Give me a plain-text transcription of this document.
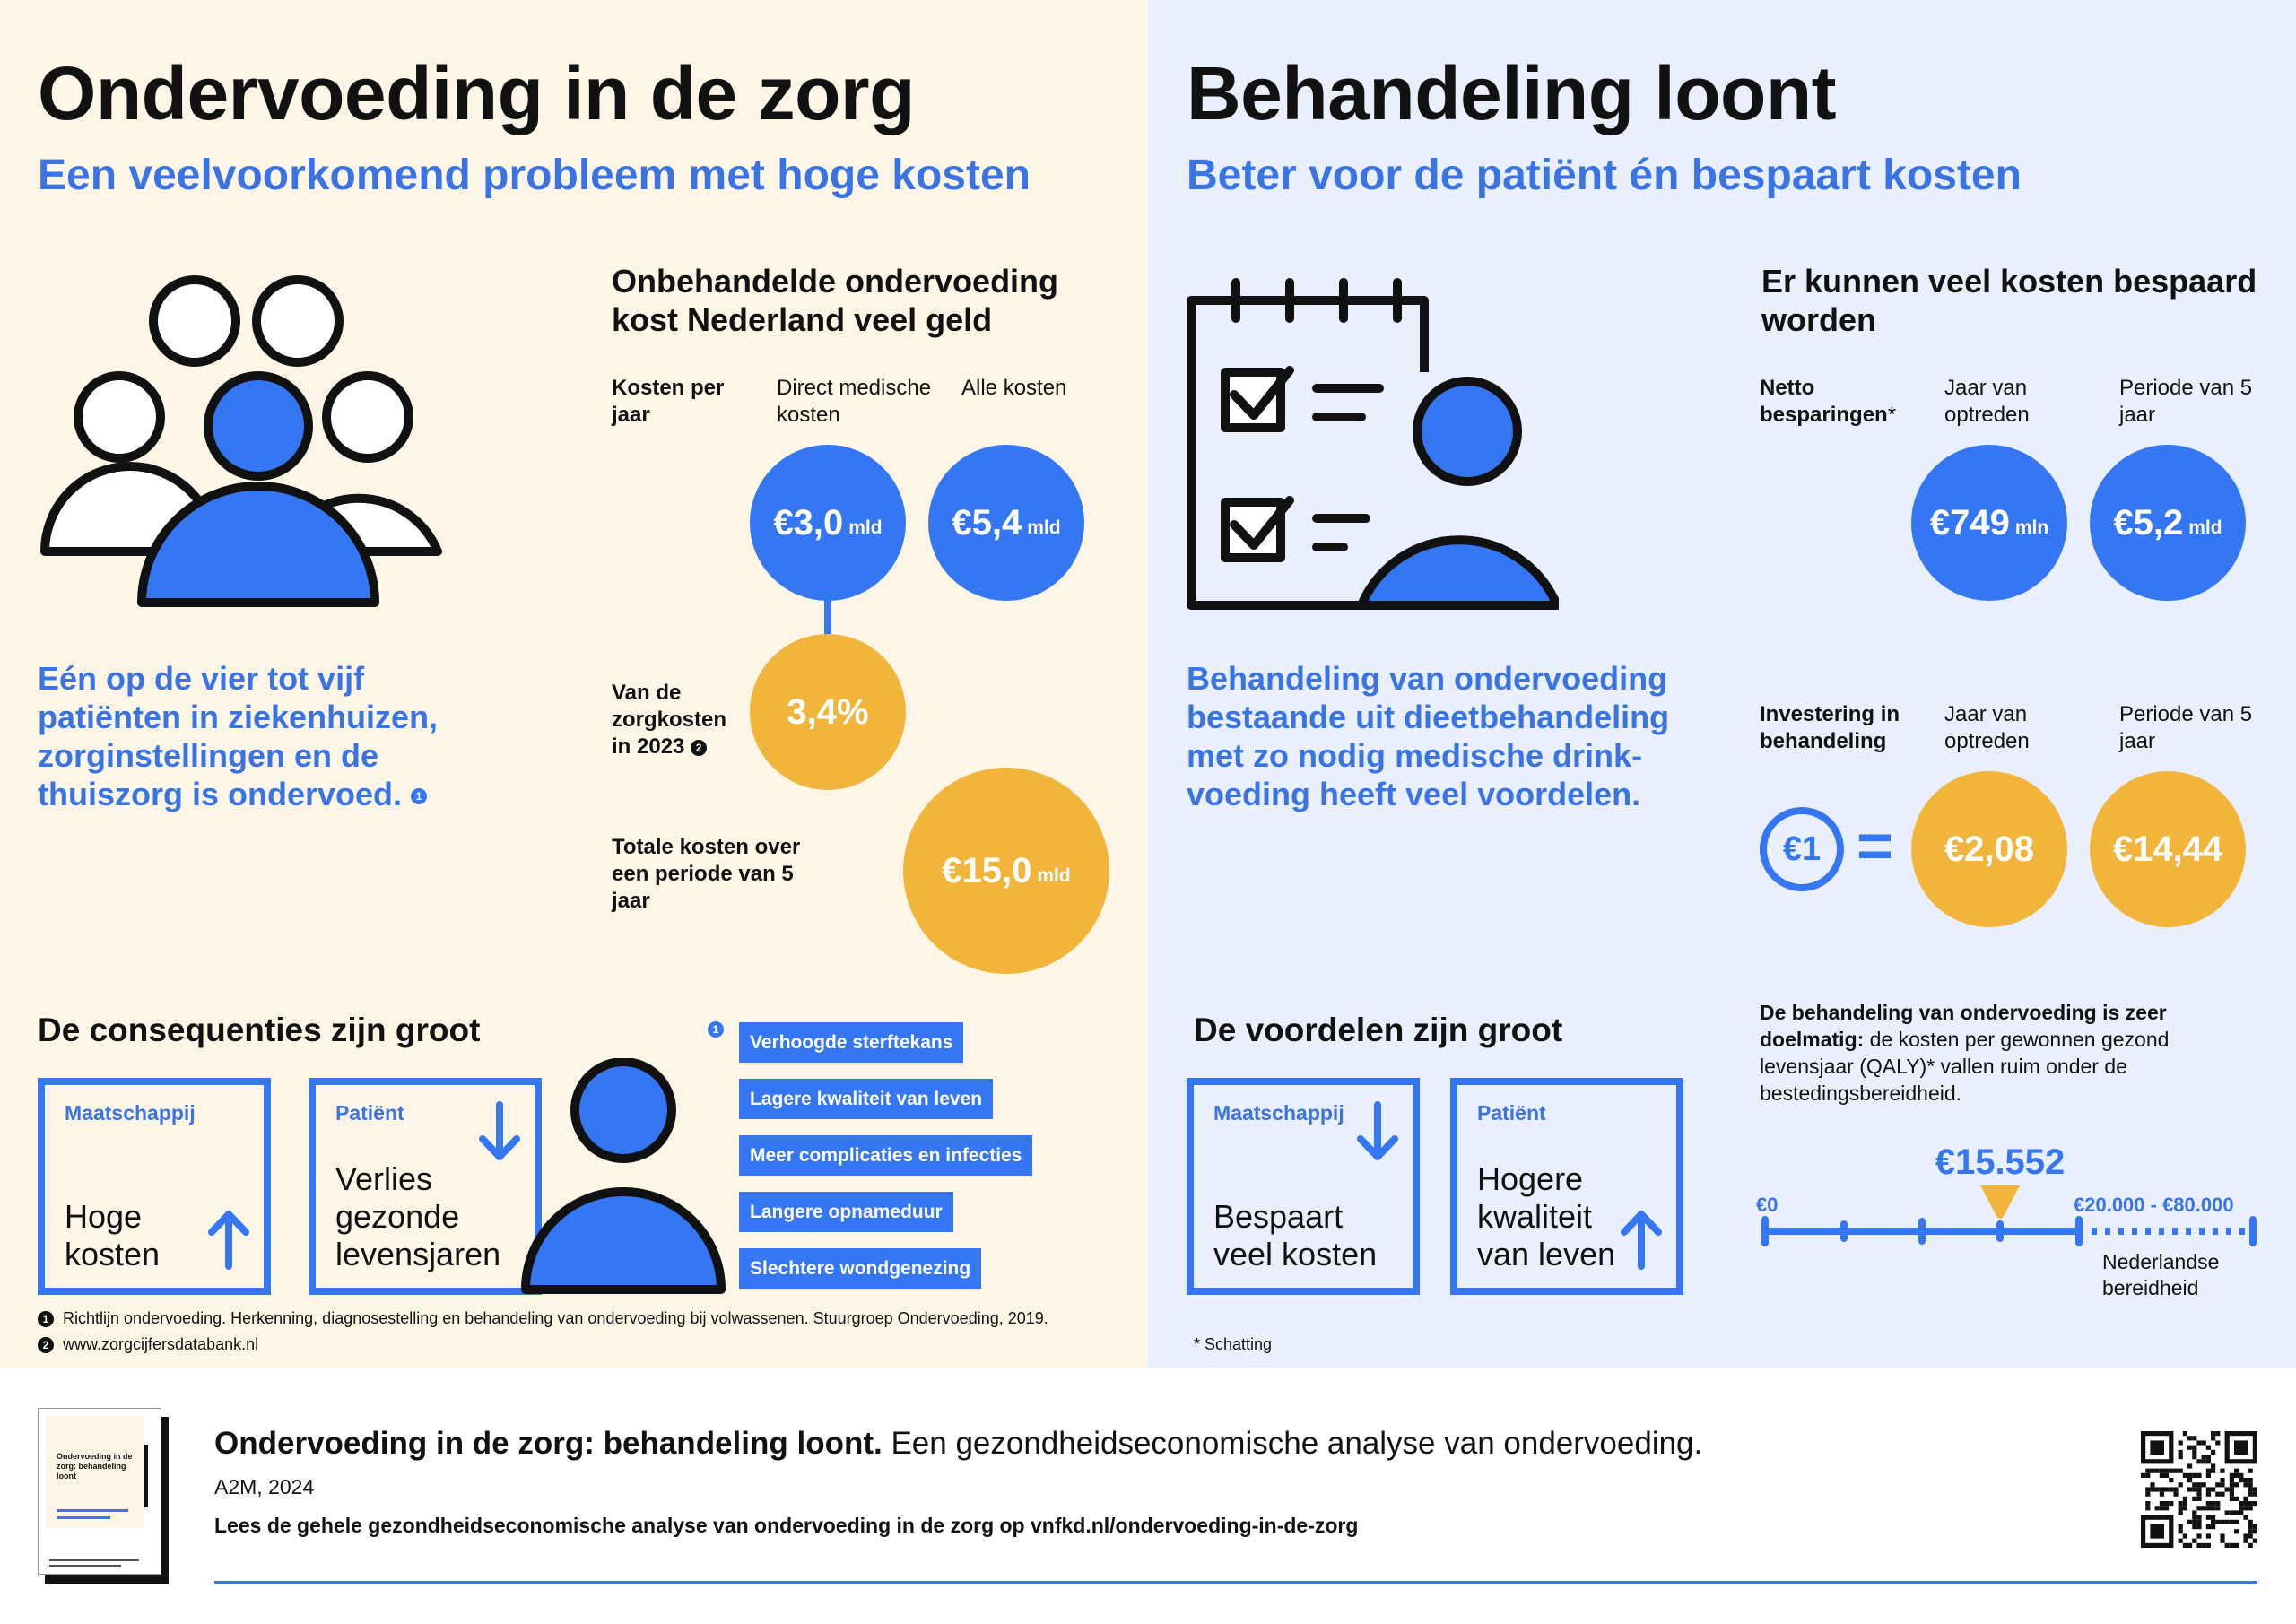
Ondervoeding in de zorg
Een veelvoorkomend probleem met hoge kosten
Eén op de vier tot vijf patiënten in ziekenhuizen, zorginstellingen en de thuiszorg is ondervoed. 1
Onbehandelde ondervoeding kost Nederland veel geld
Kosten per jaar
Direct medische kosten
Alle kosten
€3,0 mld €5,4 mld
Van de zorgkosten in 2023 2
3,4%
Totale kosten over een periode van 5 jaar
€15,0 mld
De consequenties zijn groot
Maatschappij
Hoge kosten
Patiënt
Verlies gezonde levensjaren
1
Verhoogde sterftekans
Lagere kwaliteit van leven
Meer complicaties en infecties
Langere opnameduur
Slechtere wondgenezing
1 Richtlijn ondervoeding. Herkenning, diagnosestelling en behandeling van ondervoeding bij volwassenen. Stuurgroep Ondervoeding, 2019.
2 www.zorgcijfersdatabank.nl
Behandeling loont
Beter voor de patiënt én bespaart kosten
Behandeling van ondervoeding bestaande uit dieetbehandeling met zo nodig medische drink-voeding heeft veel voordelen.
Er kunnen veel kosten bespaard worden
Netto besparingen*
Jaar van optreden
Periode van 5 jaar
€749 mln €5,2 mld
Investering in behandeling
Jaar van optreden
Periode van 5 jaar
€1 = €2,08 €14,44
De voordelen zijn groot
Maatschappij
Bespaart veel kosten
Patiënt
Hogere kwaliteit van leven
De behandeling van ondervoeding is zeer doelmatig: de kosten per gewonnen gezond levensjaar (QALY)* vallen ruim onder de bestedingsbereidheid.
€15.552
€0	€20.000 - €80.000
Nederlandse bereidheid
* Schatting
Ondervoeding in de zorg: behandeling loont
Ondervoeding in de zorg: behandeling loont. Een gezondheidseconomische analyse van ondervoeding.
A2M, 2024
Lees de gehele gezondheidseconomische analyse van ondervoeding in de zorg op vnfkd.nl/ondervoeding-in-de-zorg
